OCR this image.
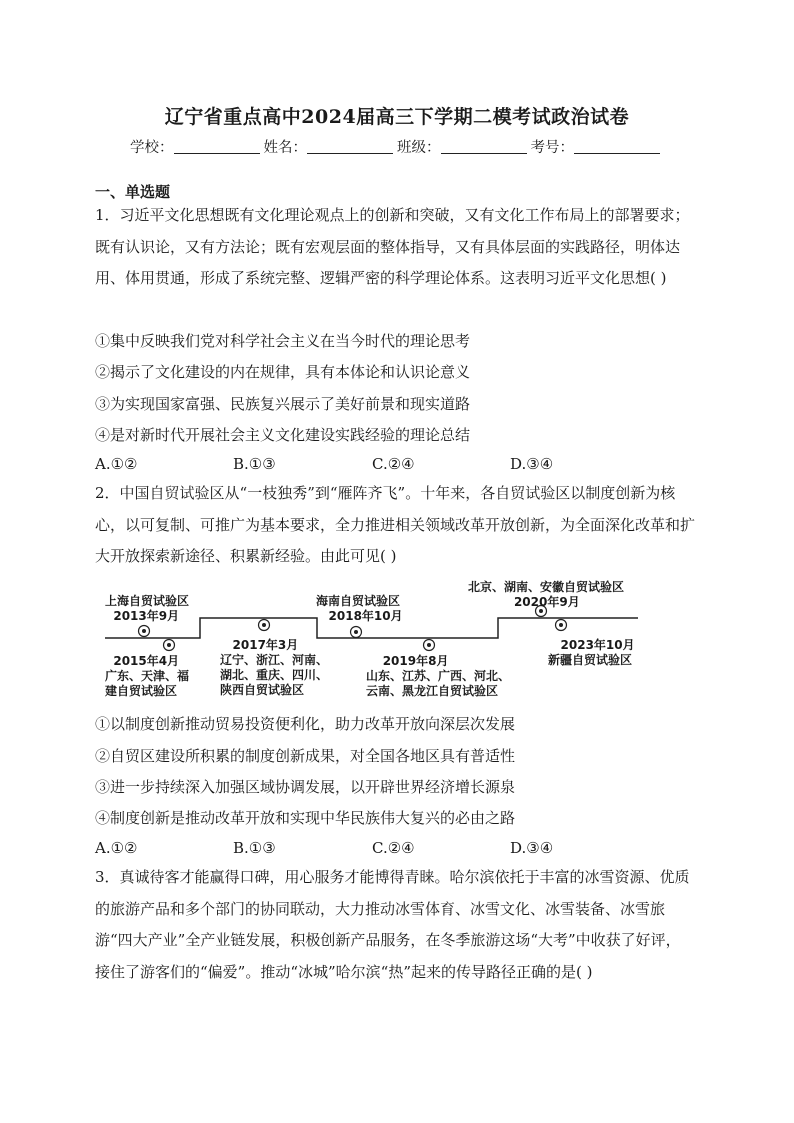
辽宁省重点高中2024届高三下学期二模考试政治试卷
学校：	姓名：	班级：	考号：
一、单选题
1．习近平文化思想既有文化理论观点上的创新和突破，又有文化工作布局上的部署要求；既有认识论，又有方法论；既有宏观层面的整体指导，又有具体层面的实践路径，明体达用、体用贯通，形成了系统完整、逻辑严密的科学理论体系。这表明习近平文化思想( )
①集中反映我们党对科学社会主义在当今时代的理论思考
②揭示了文化建设的内在规律，具有本体论和认识论意义
③为实现国家富强、民族复兴展示了美好前景和现实道路
④是对新时代开展社会主义文化建设实践经验的理论总结
A.①②	B.①③	C.②④	D.③④
2．中国自贸试验区从“一枝独秀”到“雁阵齐飞”。十年来，各自贸试验区以制度创新为核心，以可复制、可推广为基本要求，全力推进相关领域改革开放创新，为全面深化改革和扩大开放探索新途径、积累新经验。由此可见( )
上海自贸试验区
2013年9月
2015年4月
广东、天津、福
建自贸试验区
2017年3月
辽宁、浙江、河南、
湖北、重庆、四川、
陕西自贸试验区
海南自贸试验区
2018年10月
2019年8月
山东、江苏、广西、河北、
云南、黑龙江自贸试验区
北京、湖南、安徽自贸试验区
2020年9月
2023年10月
新疆自贸试验区
①以制度创新推动贸易投资便利化，助力改革开放向深层次发展
②自贸区建设所积累的制度创新成果，对全国各地区具有普适性
③进一步持续深入加强区域协调发展，以开辟世界经济增长源泉
④制度创新是推动改革开放和实现中华民族伟大复兴的必由之路
A.①②	B.①③	C.②④	D.③④
3．真诚待客才能赢得口碑，用心服务才能博得青睐。哈尔滨依托于丰富的冰雪资源、优质的旅游产品和多个部门的协同联动，大力推动冰雪体育、冰雪文化、冰雪装备、冰雪旅游“四大产业”全产业链发展，积极创新产品服务，在冬季旅游这场“大考”中收获了好评，接住了游客们的“偏爱”。推动“冰城”哈尔滨“热”起来的传导路径正确的是( )
